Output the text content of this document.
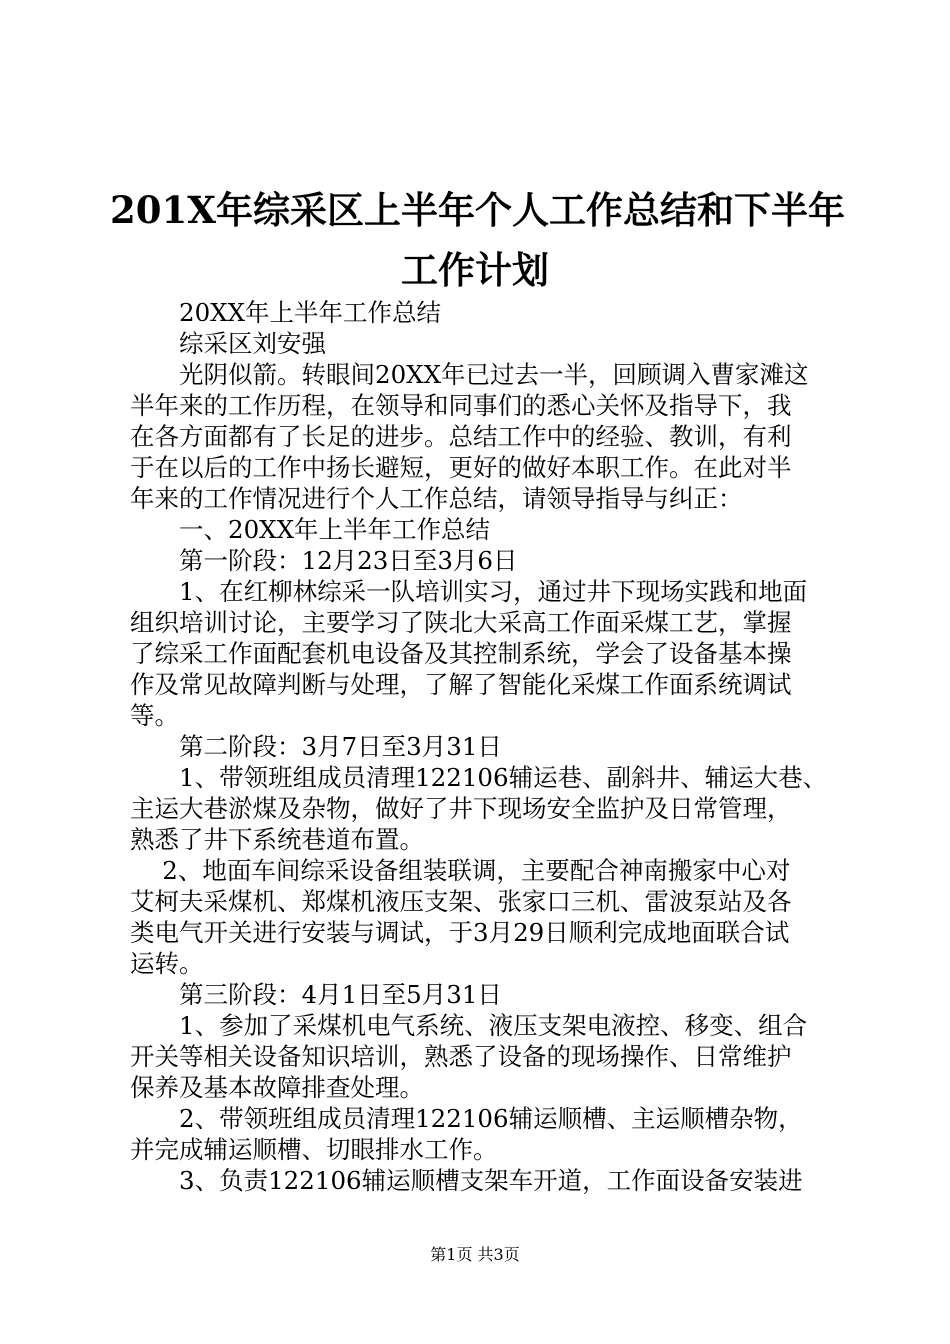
201X年综采区上半年个人工作总结和下半年
工作计划
　　20XX年上半年工作总结
　　综采区刘安强
　　光阴似箭。转眼间20XX年已过去一半，回顾调入曹家滩这
半年来的工作历程，在领导和同事们的悉心关怀及指导下，我
在各方面都有了长足的进步。总结工作中的经验、教训，有利
于在以后的工作中扬长避短，更好的做好本职工作。在此对半
年来的工作情况进行个人工作总结，请领导指导与纠正：
　　一、20XX年上半年工作总结
　　第一阶段：12月23日至3月6日
　　1、在红柳林综采一队培训实习，通过井下现场实践和地面
组织培训讨论，主要学习了陕北大采高工作面采煤工艺，掌握
了综采工作面配套机电设备及其控制系统，学会了设备基本操
作及常见故障判断与处理，了解了智能化采煤工作面系统调试
等。
　　第二阶段：3月7日至3月31日
　　1、带领班组成员清理122106辅运巷、副斜井、辅运大巷、
主运大巷淤煤及杂物，做好了井下现场安全监护及日常管理，
熟悉了井下系统巷道布置。
　 2、地面车间综采设备组装联调，主要配合神南搬家中心对
艾柯夫采煤机、郑煤机液压支架、张家口三机、雷波泵站及各
类电气开关进行安装与调试，于3月29日顺利完成地面联合试
运转。
　　第三阶段：4月1日至5月31日
　　1、参加了采煤机电气系统、液压支架电液控、移变、组合
开关等相关设备知识培训，熟悉了设备的现场操作、日常维护
保养及基本故障排查处理。
　　2、带领班组成员清理122106辅运顺槽、主运顺槽杂物，
并完成辅运顺槽、切眼排水工作。
　　3、负责122106辅运顺槽支架车开道，工作面设备安装进
第1页 共3页
